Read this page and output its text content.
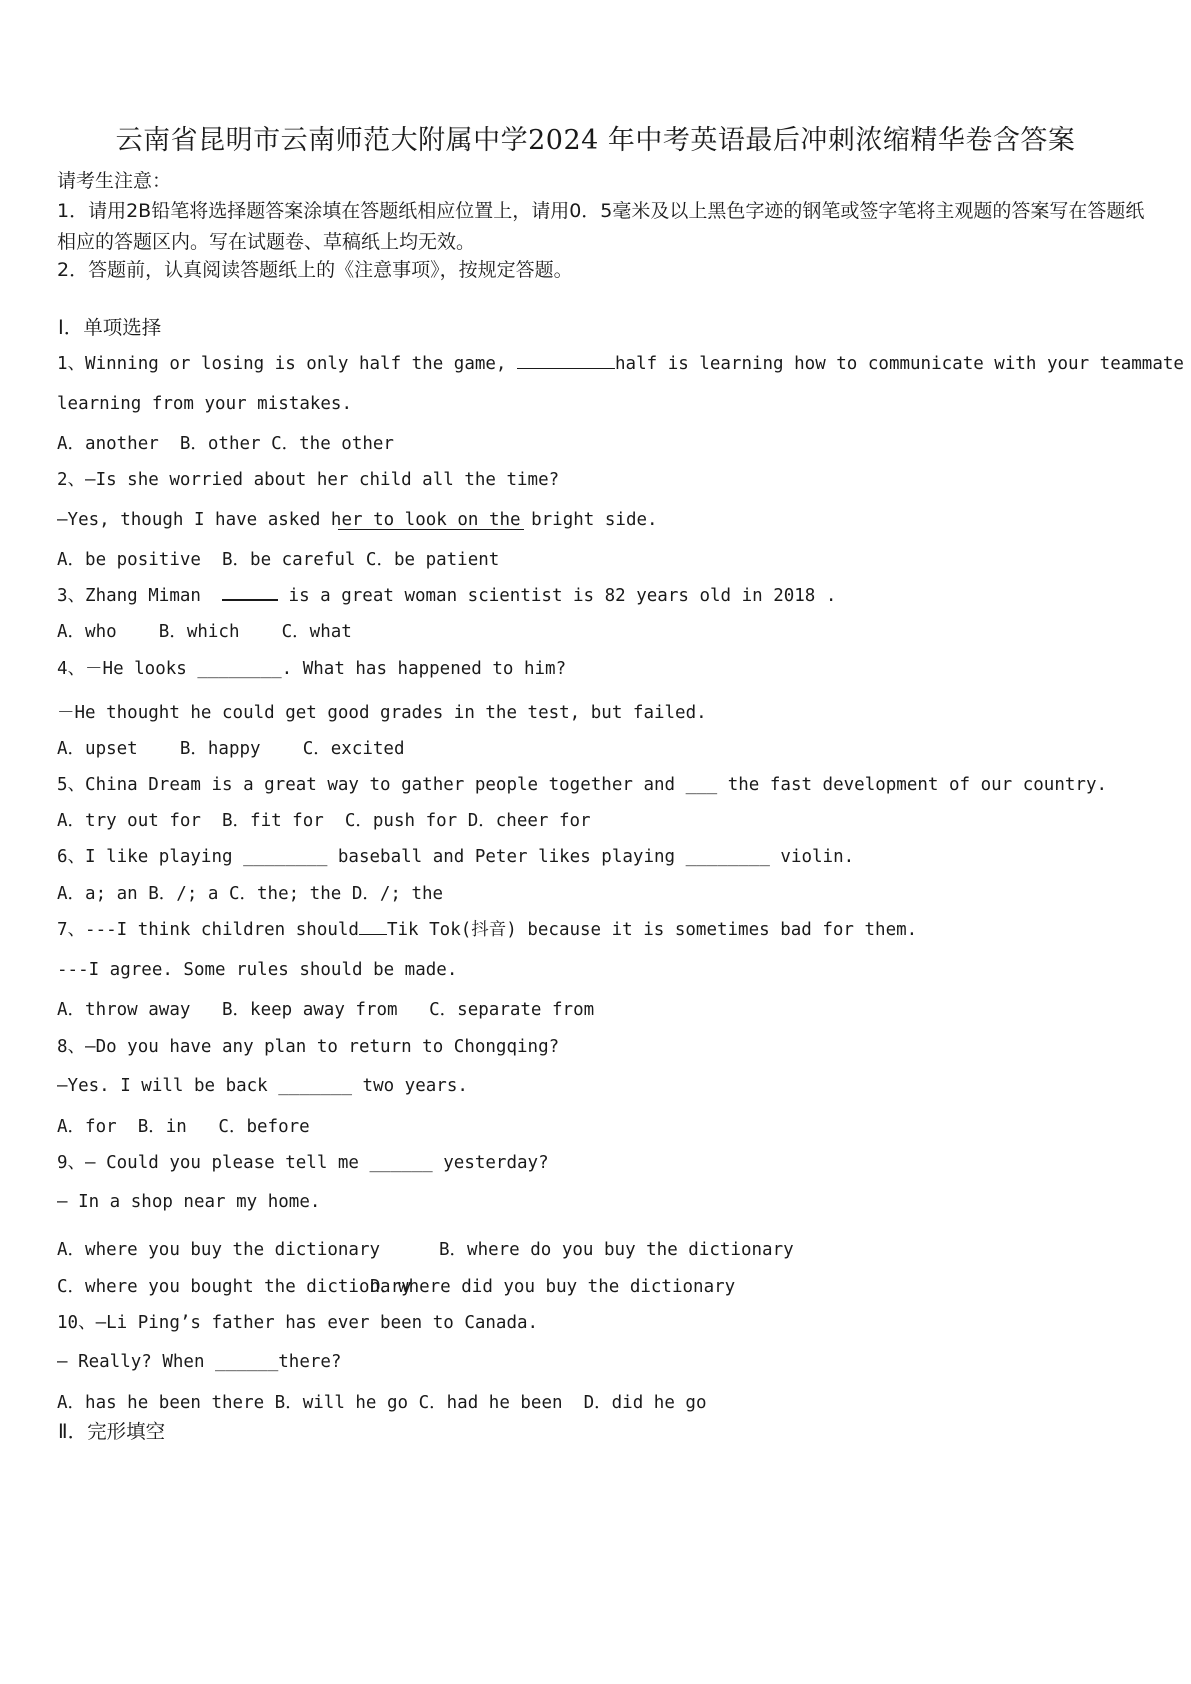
云南省昆明市云南师范大附属中学2024 年中考英语最后冲刺浓缩精华卷含答案
请考生注意：
1．请用2B铅笔将选择题答案涂填在答题纸相应位置上，请用0．5毫米及以上黑色字迹的钢笔或签字笔将主观题的答案写在答题纸相应的答题区内。写在试题卷、草稿纸上均无效。
2．答题前，认真阅读答题纸上的《注意事项》，按规定答题。
Ⅰ．单项选择
1、Winning or losing is only half the game,	half is learning how to communicate with your teammate
learning from your mistakes.
A．another  B．other C．the other
2、—Is she worried about her child all the time?
—Yes, though I have asked her to look on the bright side.
A．be positive  B．be careful C．be patient
3、Zhang Miman	is a great woman scientist is 82 years old in 2018 .
A．who    B．which    C．what
4、－He looks ________. What has happened to him?
－He thought he could get good grades in the test, but failed.
A．upset    B．happy    C．excited
5、China Dream is a great way to gather people together and ___ the fast development of our country.
A．try out for  B．fit for  C．push for D．cheer for
6、I like playing ________ baseball and Peter likes playing ________ violin.
A．a; an B．/; a C．the; the D．/; the
7、---I think children should Tik Tok(抖音) because it is sometimes bad for them.
---I agree. Some rules should be made.
A．throw away   B．keep away from   C．separate from
8、—Do you have any plan to return to Chongqing?
—Yes. I will be back _______ two years.
A．for  B．in   C．before
9、— Could you please tell me ______ yesterday?
— In a shop near my home.
A．where you buy the dictionary	B．where do you buy the dictionary
C．where you bought the dictionary
D．where did you buy the dictionary
10、—Li Ping’s father has ever been to Canada.
— Really? When ______there?
A．has he been there B．will he go C．had he been  D．did he go
Ⅱ．完形填空
